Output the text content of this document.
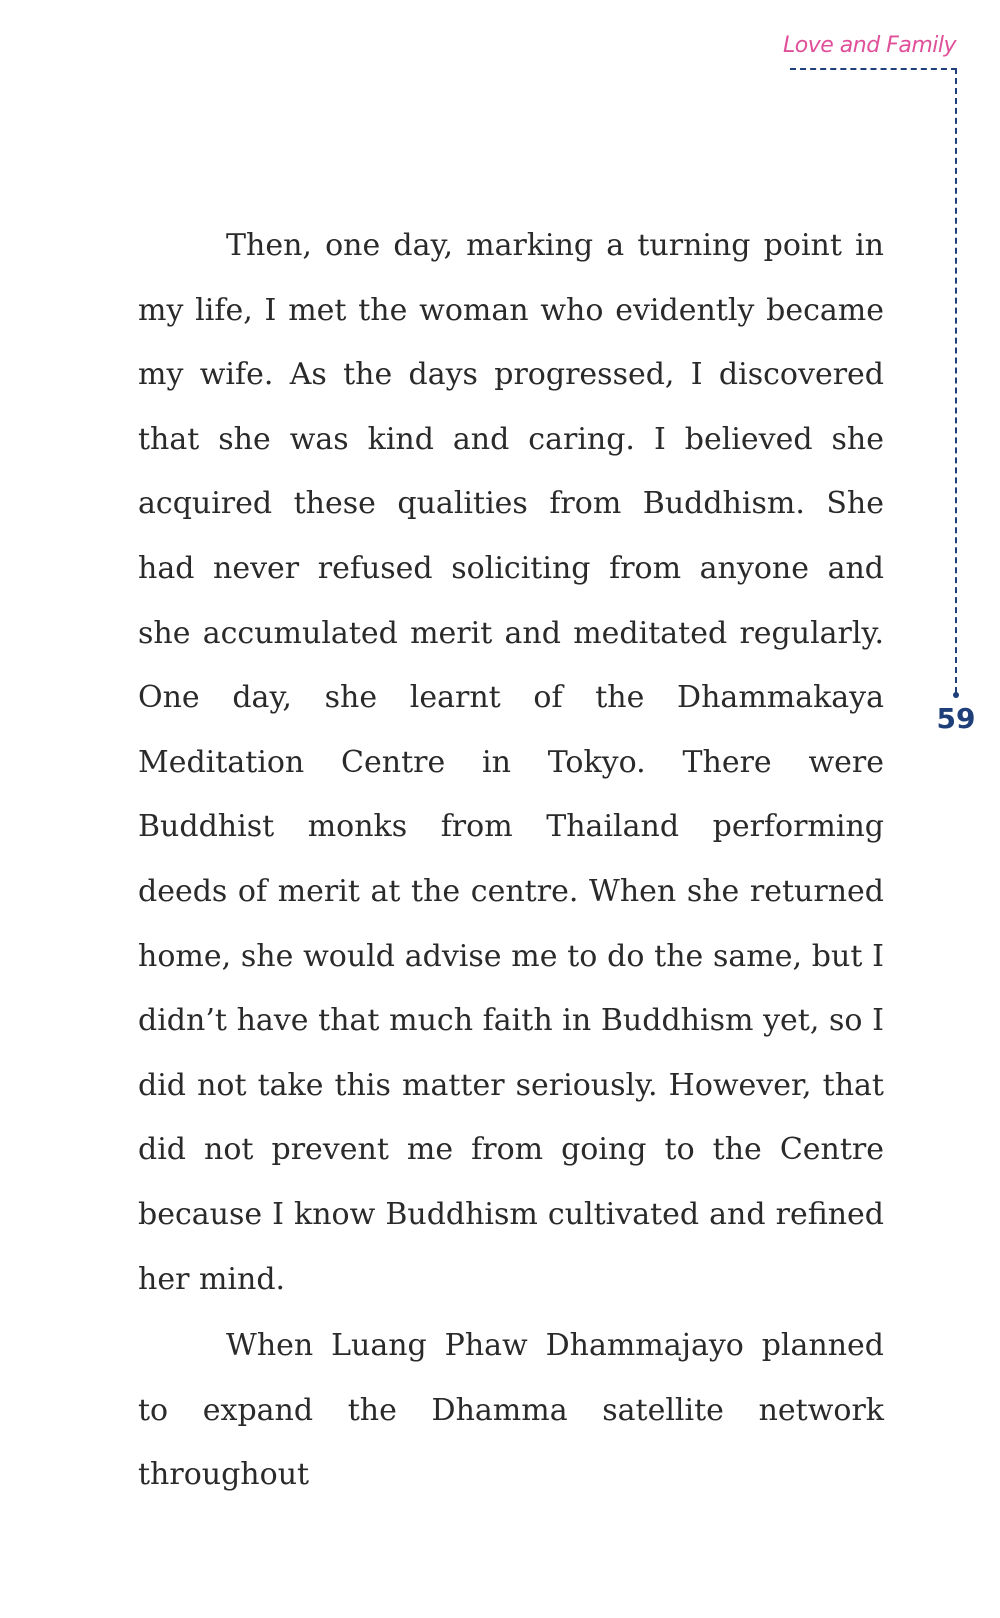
Love and Family
59

Then, one day, marking a turning point in my life, I met the woman who evidently became my wife. As the days progressed, I discovered that she was kind and caring. I believed she acquired these qualities from Buddhism. She had never refused soliciting from anyone and she accumulated merit and meditated regularly. One day, she learnt of the Dhammakaya Meditation Centre in Tokyo. There were Buddhist monks from Thailand performing deeds of merit at the centre. When she returned home, she would advise me to do the same, but I didn’t have that much faith in Buddhism yet, so I did not take this matter seriously. However, that did not prevent me from going to the Centre because I know Buddhism cultivated and refined her mind.

When Luang Phaw Dhammajayo planned to expand the Dhamma satellite network throughout
